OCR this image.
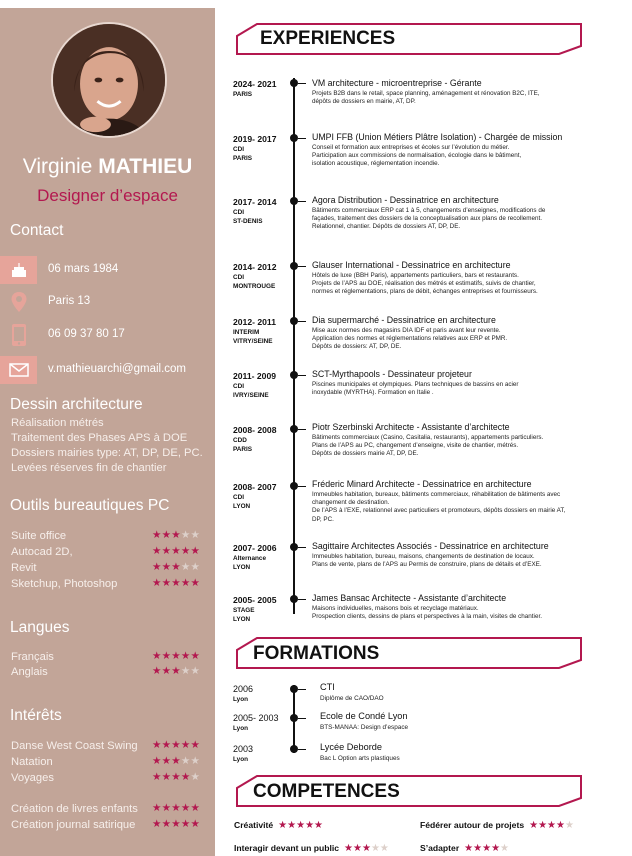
Virginie MATHIEU
Designer d’espace
Contact
06 mars 1984
Paris 13
06 09 37 80 17
v.mathieuarchi@gmail.com
Dessin architecture
Réalisation métrés
Traitement des Phases APS à DOE
Dossiers mairies type: AT, DP, DE, PC.
Levées réserves fin de chantier
Outils bureautiques PC
Suite office	★★★★★
Autocad 2D,	★★★★★
Revit	★★★★★
Sketchup, Photoshop	★★★★★
Langues
Français	★★★★★
Anglais	★★★★★
Intérêts
Danse West Coast Swing ★★★★★
Natation	★★★★★
Voyages	★★★★★
Création de livres enfants ★★★★★
Création journal satirique ★★★★★
EXPERIENCES
2024- 2021
PARIS
VM architecture - microentreprise - Gérante
Projets B2B dans le retail, space planning, aménagement et rénovation B2C, ITE,
dépôts de dossiers en mairie, AT, DP.
2019- 2017
CDI
PARIS
UMPI FFB (Union Métiers Plâtre Isolation) - Chargée de mission
Conseil et formation aux entreprises et écoles sur l’évolution du métier.
Participation aux commissions de normalisation, écologie dans le bâtiment,
isolation acoustique, réglementation incendie.
2017- 2014
CDI
ST-DENIS
Agora Distribution - Dessinatrice en architecture
Bâtiments commerciaux ERP cat 1 à 5, changements d’enseignes, modifications de
façades, traitement des dossiers de la conceptualisation aux plans de recollement.
Relationnel, chantier. Dépôts de dossiers AT, DP, DE.
2014- 2012
CDI
MONTROUGE
Glauser International - Dessinatrice en architecture
Hôtels de luxe (BBH Paris), appartements particuliers, bars et restaurants.
Projets de l’APS au DOE, réalisation des métrés et estimatifs, suivis de chantier,
normes et réglementations, plans de débit, échanges entreprises et fournisseurs.
2012- 2011
INTERIM
VITRY/SEINE
Dia supermarché - Dessinatrice en architecture
Mise aux normes des magasins DIA IDF et paris avant leur revente.
Application des normes et réglementations relatives aux ERP et PMR.
Dépôts de dossiers: AT, DP, DE.
2011- 2009
CDI
IVRY/SEINE
SCT-Myrthapools - Dessinateur projeteur
Piscines municipales et olympiques. Plans techniques de bassins en acier
inoxydable (MYRTHA). Formation en Italie .
2008- 2008
CDD
PARIS
Piotr Szerbinski Architecte - Assistante d’architecte
Bâtiments commerciaux (Casino, Casitalia, restaurants), appartements particuliers.
Plans de l’APS au PC, changement d’enseigne, visite de chantier, métrés.
Dépôts de dossiers mairie AT, DP, DE.
2008- 2007
CDI
LYON
Fréderic Minard Architecte - Dessinatrice en architecture
Immeubles habitation, bureaux, bâtiments commerciaux, réhabilitation de bâtiments avec
changement de destination.
De l’APS à l’EXE, relationnel avec particuliers et promoteurs, dépôts dossiers en mairie AT,
DP, PC.
2007- 2006
Alternance
LYON
Sagittaire Architectes Associés - Dessinatrice en architecture
Immeubles habitation, bureau, maisons, changements de destination de locaux.
Plans de vente, plans de l’APS au Permis de construire, plans de détails et d’EXE.
2005- 2005
STAGE
LYON
James Bansac Architecte - Assistante d’architecte
Maisons individuelles, maisons bois et recyclage matériaux.
Prospection clients, dessins de plans et perspectives à la main, visites de chantier.
FORMATIONS
2006
Lyon
CTI
Diplôme de CAO/DAO
2005- 2003
Lyon
Ecole de Condé Lyon
BTS-MANAA: Design d’espace
2003
Lyon
Lycée Deborde
Bac L Option arts plastiques
COMPETENCES
Créativité ★★★★★	Fédérer autour de projets ★★★★★
Interagir devant un public ★★★★★	S’adapter ★★★★★
